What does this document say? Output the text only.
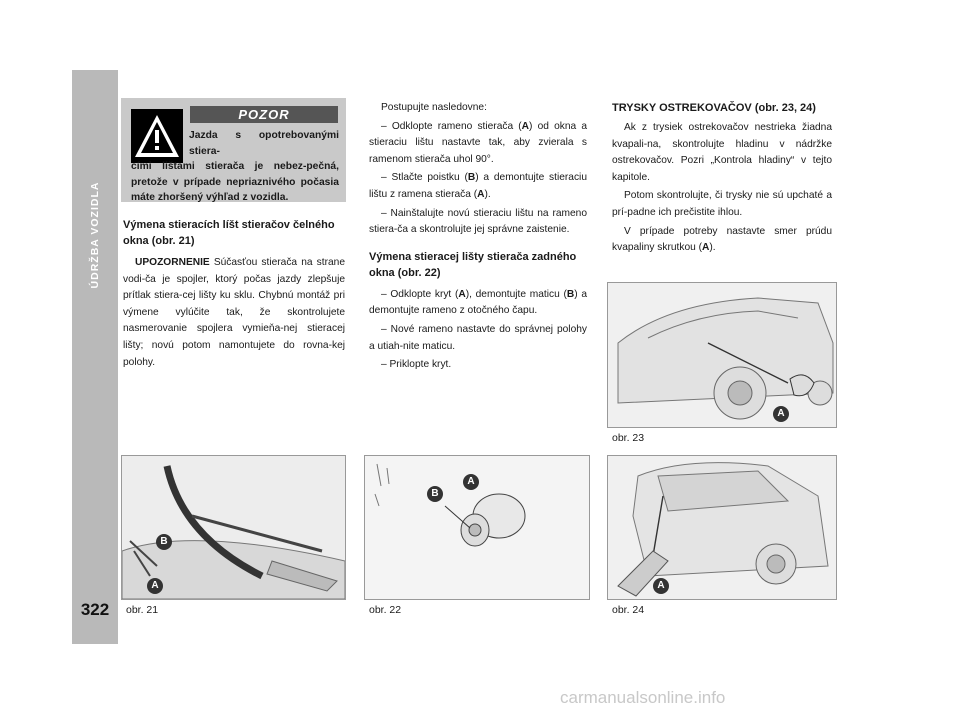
ÚDRŽBA VOZIDLA
322
POZOR
Jazda s opotrebovanými stiera-
cími lištami stierača je nebez-pečná, pretože v prípade nepriaznivého počasia máte zhoršený výhľad z vozidla.

Výmena stieracích líšt stieračov čelného okna (obr. 21)

UPOZORNENIE Súčasťou stierača na strane vodi-ča je spojler, ktorý počas jazdy zlepšuje prítlak stiera-cej lišty ku sklu. Chybnú montáž pri výmene vylúčite tak, že skontrolujete nasmerovanie spojlera vymieňa-nej stieracej lišty; novú potom namontujete do rovna-kej polohy.

Postupujte nasledovne:

– Odklopte rameno stierača (A) od okna a stieraciu lištu nastavte tak, aby zvierala s ramenom stierača uhol 90°.

– Stlačte poistku (B) a demontujte stieraciu lištu z ramena stierača (A).

– Nainštalujte novú stieraciu lištu na rameno stiera-ča a skontrolujte jej správne zaistenie.

Výmena stieracej lišty stierača zadného okna (obr. 22)

– Odklopte kryt (A), demontujte maticu (B) a demontujte rameno z otočného čapu.

– Nové rameno nastavte do správnej polohy a utiah-nite maticu.

– Priklopte kryt.

TRYSKY OSTREKOVAČOV (obr. 23, 24)

Ak z trysiek ostrekovačov nestrieka žiadna kvapali-na, skontrolujte hladinu v nádržke ostrekovačov. Pozri „Kontrola hladiny“ v tejto kapitole.

Potom skontrolujte, či trysky nie sú upchaté a prí-padne ich prečistite ihlou.

V prípade potreby nastavte smer prúdu kvapaliny skrutkou (A).

A
obr. 23
B
A
obr. 21
A
B
obr. 22
A
obr. 24
carmanualsonline.info
